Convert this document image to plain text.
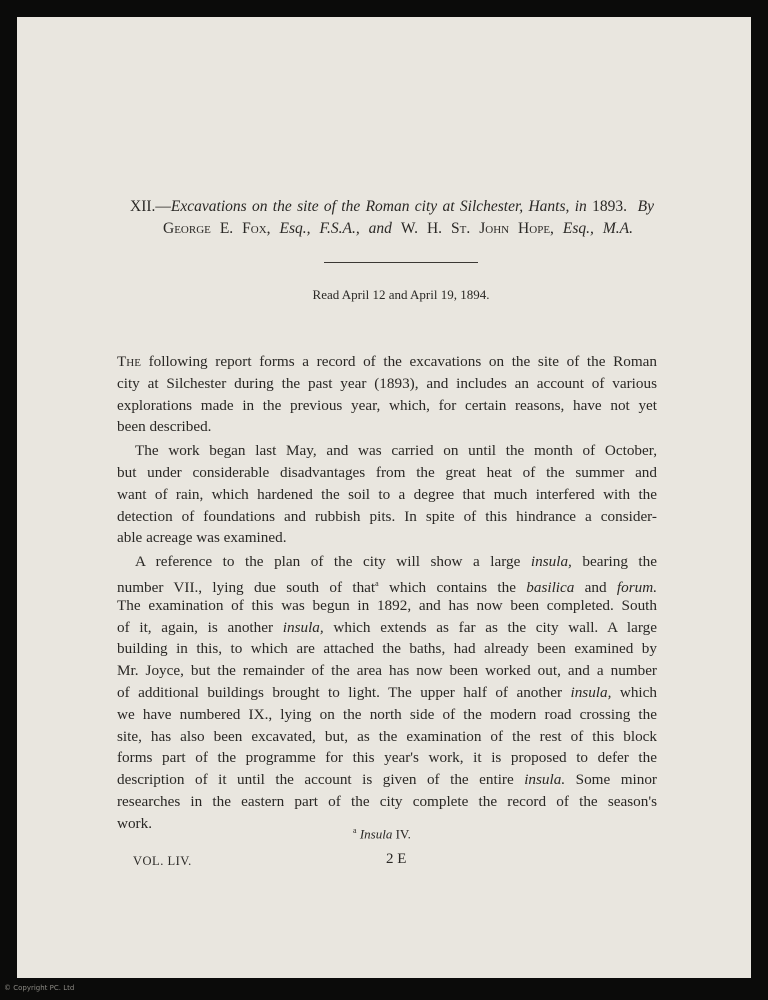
XII.—Excavations on the site of the Roman city at Silchester, Hants, in 1893. By
George E. Fox, Esq., F.S.A., and W. H. St. John Hope, Esq., M.A.
Read April 12 and April 19, 1894.
The following report forms a record of the excavations on the site of the Roman
city at Silchester during the past year (1893), and includes an account of various
explorations made in the previous year, which, for certain reasons, have not yet
been described.
The work began last May, and was carried on until the month of October,
but under considerable disadvantages from the great heat of the summer and
want of rain, which hardened the soil to a degree that much interfered with the
detection of foundations and rubbish pits. In spite of this hindrance a consider-
able acreage was examined.
A reference to the plan of the city will show a large insula, bearing the
number VII., lying due south of that$^a$ which contains the basilica and forum.
The examination of this was begun in 1892, and has now been completed. South
of it, again, is another insula, which extends as far as the city wall. A large
building in this, to which are attached the baths, had already been examined by
Mr. Joyce, but the remainder of the area has now been worked out, and a number
of additional buildings brought to light. The upper half of another insula, which
we have numbered IX., lying on the north side of the modern road crossing the
site, has also been excavated, but, as the examination of the rest of this block
forms part of the programme for this year's work, it is proposed to defer the
description of it until the account is given of the entire insula. Some minor
researches in the eastern part of the city complete the record of the season's
work.	$^a$ Insula IV.
VOL. LIV.	2 E
© Copyright PC. Ltd
